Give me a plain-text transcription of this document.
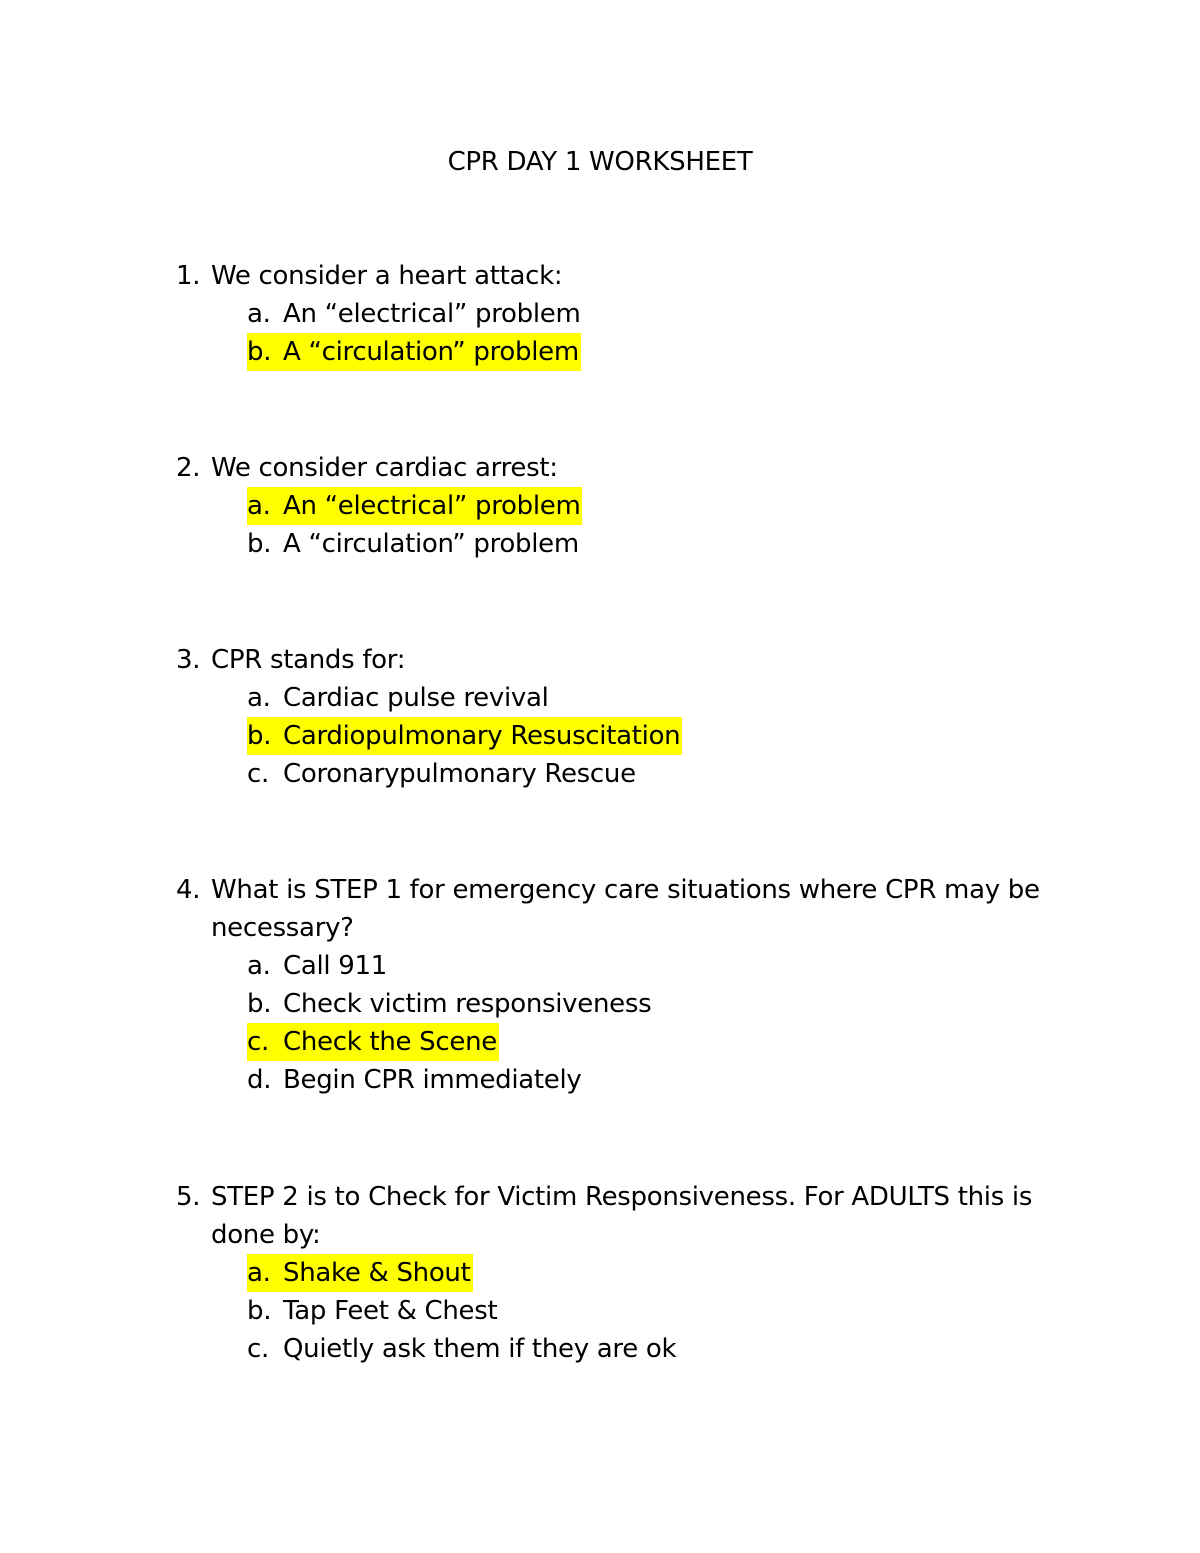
CPR DAY 1 WORKSHEET
1. We consider a heart attack:
a. An “electrical” problem
b. A “circulation” problem
2. We consider cardiac arrest:
a. An “electrical” problem
b. A “circulation” problem
3. CPR stands for:
a. Cardiac pulse revival
b. Cardiopulmonary Resuscitation
c. Coronarypulmonary Rescue
4. What is STEP 1 for emergency care situations where CPR may be necessary?
a. Call 911
b. Check victim responsiveness
c. Check the Scene
d. Begin CPR immediately
5. STEP 2 is to Check for Victim Responsiveness. For ADULTS this is done by:
a. Shake & Shout
b. Tap Feet & Chest
c. Quietly ask them if they are ok
